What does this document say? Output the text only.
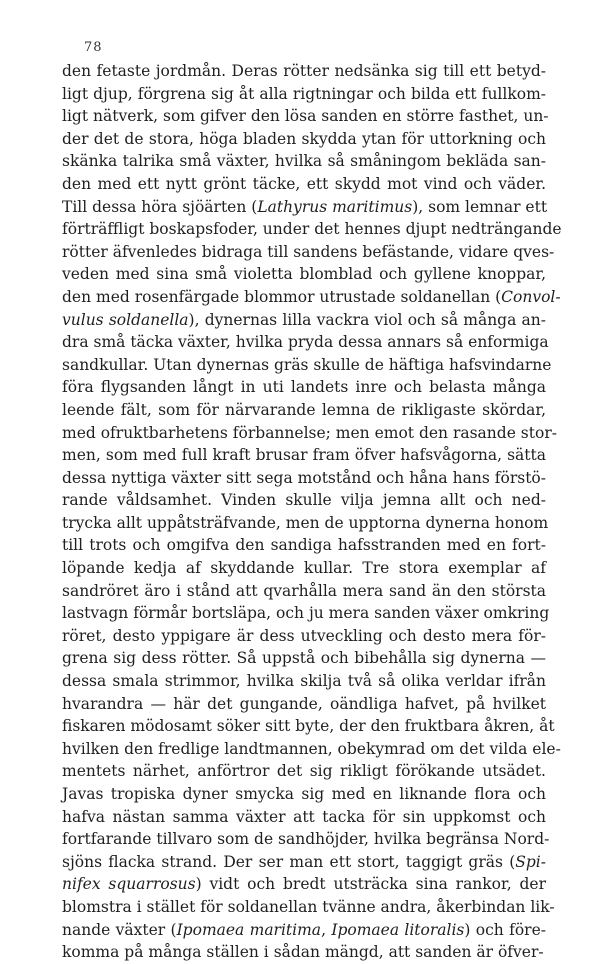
78
den fetaste jordmån. Deras rötter nedsänka sig till ett betyd-
ligt djup, förgrena sig åt alla rigtningar och bilda ett fullkom-
ligt nätverk, som gifver den lösa sanden en större fasthet, un-
der det de stora, höga bladen skydda ytan för uttorkning och
skänka talrika små växter, hvilka så småningom bekläda san-
den med ett nytt grönt täcke, ett skydd mot vind och väder.
Till dessa höra sjöärten (Lathyrus maritimus), som lemnar ett
förträffligt boskapsfoder, under det hennes djupt nedträngande
rötter äfvenledes bidraga till sandens befästande, vidare qves-
veden med sina små violetta blomblad och gyllene knoppar,
den med rosenfärgade blommor utrustade soldanellan (Convol-
vulus soldanella), dynernas lilla vackra viol och så många an-
dra små täcka växter, hvilka pryda dessa annars så enformiga
sandkullar. Utan dynernas gräs skulle de häftiga hafsvindarne
föra flygsanden långt in uti landets inre och belasta många
leende fält, som för närvarande lemna de rikligaste skördar,
med ofruktbarhetens förbannelse; men emot den rasande stor-
men, som med full kraft brusar fram öfver hafsvågorna, sätta
dessa nyttiga växter sitt sega motstånd och håna hans förstö-
rande våldsamhet. Vinden skulle vilja jemna allt och ned-
trycka allt uppåtsträfvande, men de upptorna dynerna honom
till trots och omgifva den sandiga hafsstranden med en fort-
löpande kedja af skyddande kullar. Tre stora exemplar af
sandröret äro i stånd att qvarhålla mera sand än den största
lastvagn förmår bortsläpa, och ju mera sanden växer omkring
röret, desto yppigare är dess utveckling och desto mera för-
grena sig dess rötter. Så uppstå och bibehålla sig dynerna —
dessa smala strimmor, hvilka skilja två så olika verldar ifrån
hvarandra — här det gungande, oändliga hafvet, på hvilket
fiskaren mödosamt söker sitt byte, der den fruktbara åkren, åt
hvilken den fredlige landtmannen, obekymrad om det vilda ele-
mentets närhet, anförtror det sig rikligt förökande utsädet.
Javas tropiska dyner smycka sig med en liknande flora och
hafva nästan samma växter att tacka för sin uppkomst och
fortfarande tillvaro som de sandhöjder, hvilka begränsa Nord-
sjöns flacka strand. Der ser man ett stort, taggigt gräs (Spi-
nifex squarrosus) vidt och bredt utsträcka sina rankor, der
blomstra i stället för soldanellan tvänne andra, åkerbindan lik-
nande växter (Ipomaea maritima, Ipomaea litoralis) och före-
komma på många ställen i sådan mängd, att sanden är öfver-
